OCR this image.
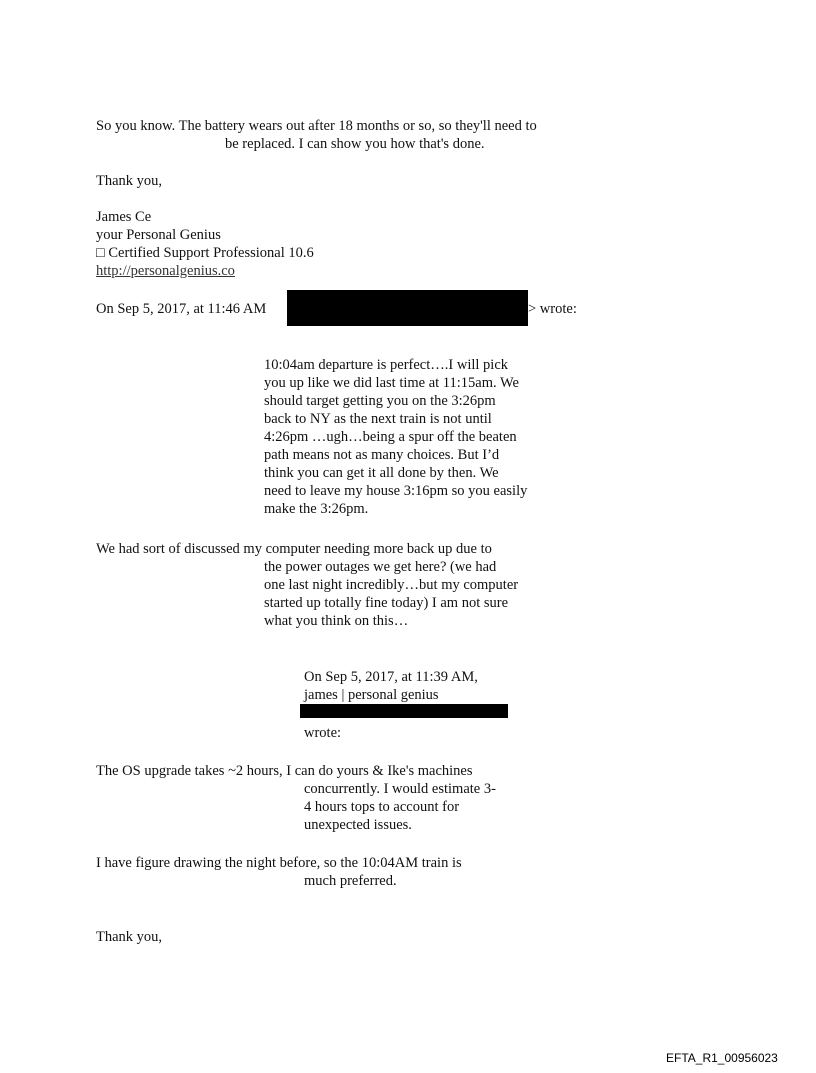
So you know. The battery wears out after 18 months or so, so they'll need to
be replaced. I can show you how that's done.
Thank you,
James Ce
your Personal Genius
□ Certified Support Professional 10.6
http://personalgenius.co
On Sep 5, 2017, at 11:46 AM	> wrote:
10:04am departure is perfect….I will pick
you up like we did last time at 11:15am. We
should target getting you on the 3:26pm
back to NY as the next train is not until
4:26pm …ugh…being a spur off the beaten
path means not as many choices. But I’d
think you can get it all done by then. We
need to leave my house 3:16pm so you easily
make the 3:26pm.
We had sort of discussed my computer needing more back up due to
the power outages we get here? (we had
one last night incredibly…but my computer
started up totally fine today) I am not sure
what you think on this…
On Sep 5, 2017, at 11:39 AM,
james | personal genius
wrote:
The OS upgrade takes ~2 hours, I can do yours & Ike's machines
concurrently. I would estimate 3-
4 hours tops to account for
unexpected issues.
I have figure drawing the night before, so the 10:04AM train is
much preferred.
Thank you,
EFTA_R1_00956023
